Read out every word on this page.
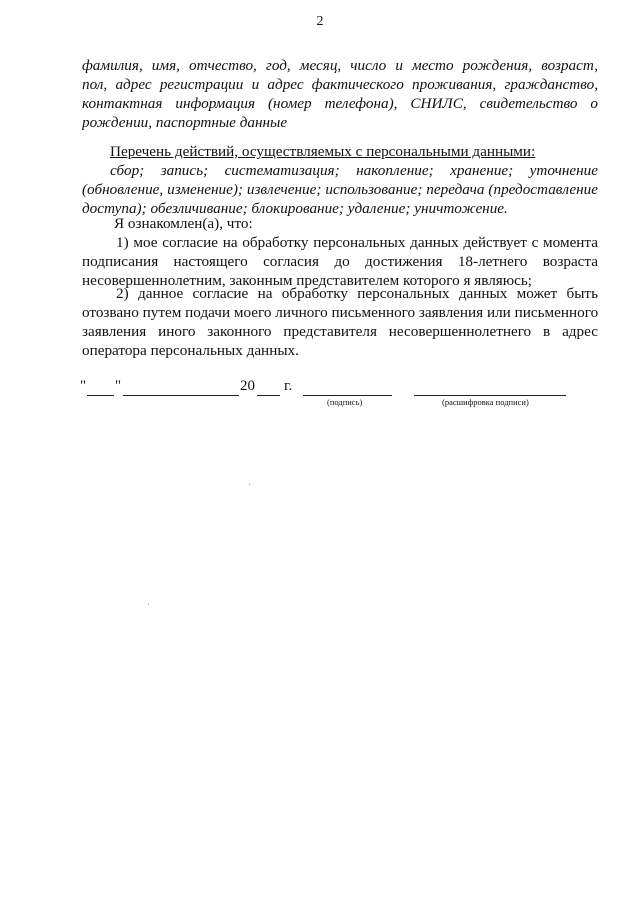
2
фамилия, имя, отчество, год, месяц, число и место рождения, возраст,
пол, адрес регистрации и адрес фактического проживания, гражданство,
контактная информация (номер телефона), СНИЛС, свидетельство о
рождении, паспортные данные
Перечень действий, осуществляемых с персональными данными:
сбор; запись; систематизация; накопление; хранение; уточнение
(обновление, изменение); извлечение; использование; передача (предоставление
доступа); обезличивание; блокирование; удаление; уничтожение.
Я ознакомлен(а), что:
1) мое согласие на обработку персональных данных действует с момента
подписания настоящего согласия до достижения 18-летнего возраста
несовершеннолетним, законным представителем которого я являюсь;
2) данное согласие на обработку персональных данных может быть
отозвано путем подачи моего личного письменного заявления или письменного
заявления иного законного представителя несовершеннолетнего в адрес
оператора персональных данных.
" "	20 г.
(подпись)	(расшифровка подписи)
